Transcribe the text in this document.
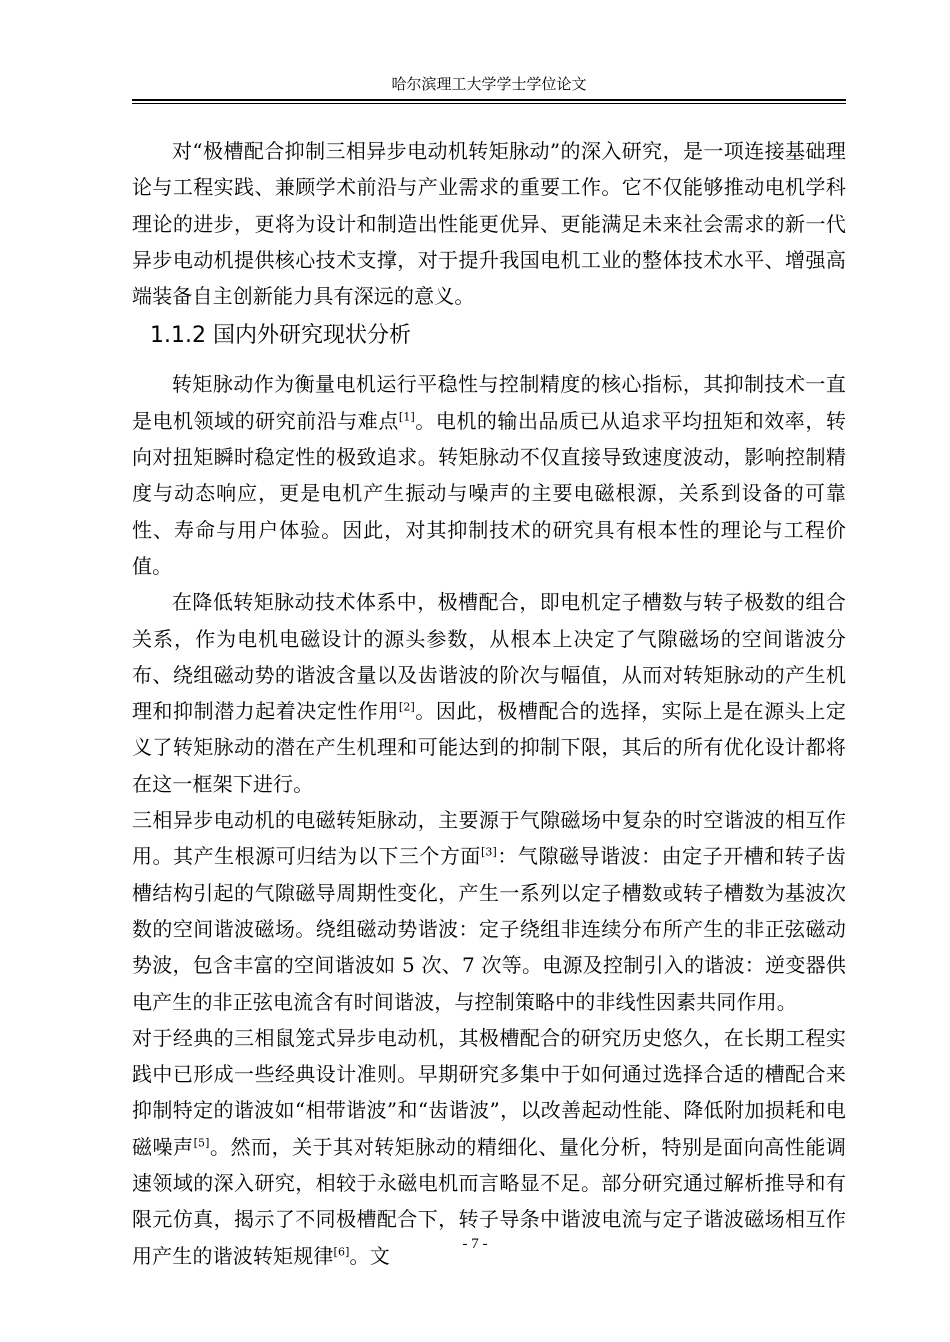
哈尔滨理工大学学士学位论文

对“极槽配合抑制三相异步电动机转矩脉动”的深入研究，是一项连接基础理论与工程实践、兼顾学术前沿与产业需求的重要工作。它不仅能够推动电机学科理论的进步，更将为设计和制造出性能更优异、更能满足未来社会需求的新一代异步电动机提供核心技术支撑，对于提升我国电机工业的整体技术水平、增强高端装备自主创新能力具有深远的意义。

1.1.2 国内外研究现状分析

转矩脉动作为衡量电机运行平稳性与控制精度的核心指标，其抑制技术一直是电机领域的研究前沿与难点[1]。电机的输出品质已从追求平均扭矩和效率，转向对扭矩瞬时稳定性的极致追求。转矩脉动不仅直接导致速度波动，影响控制精度与动态响应，更是电机产生振动与噪声的主要电磁根源，关系到设备的可靠性、寿命与用户体验。因此，对其抑制技术的研究具有根本性的理论与工程价值。

在降低转矩脉动技术体系中，极槽配合，即电机定子槽数与转子极数的组合关系，作为电机电磁设计的源头参数，从根本上决定了气隙磁场的空间谐波分布、绕组磁动势的谐波含量以及齿谐波的阶次与幅值，从而对转矩脉动的产生机理和抑制潜力起着决定性作用[2]。因此，极槽配合的选择，实际上是在源头上定义了转矩脉动的潜在产生机理和可能达到的抑制下限，其后的所有优化设计都将在这一框架下进行。

三相异步电动机的电磁转矩脉动，主要源于气隙磁场中复杂的时空谐波的相互作用。其产生根源可归结为以下三个方面[3]：气隙磁导谐波：由定子开槽和转子齿槽结构引起的气隙磁导周期性变化，产生一系列以定子槽数或转子槽数为基波次数的空间谐波磁场。绕组磁动势谐波：定子绕组非连续分布所产生的非正弦磁动势波，包含丰富的空间谐波如 5 次、7 次等。电源及控制引入的谐波：逆变器供电产生的非正弦电流含有时间谐波，与控制策略中的非线性因素共同作用。

对于经典的三相鼠笼式异步电动机，其极槽配合的研究历史悠久，在长期工程实践中已形成一些经典设计准则。早期研究多集中于如何通过选择合适的槽配合来抑制特定的谐波如“相带谐波”和“齿谐波”，以改善起动性能、降低附加损耗和电磁噪声[5]。然而，关于其对转矩脉动的精细化、量化分析，特别是面向高性能调速领域的深入研究，相较于永磁电机而言略显不足。部分研究通过解析推导和有限元仿真，揭示了不同极槽配合下，转子导条中谐波电流与定子谐波磁场相互作用产生的谐波转矩规律[6]。文	- 7 -
